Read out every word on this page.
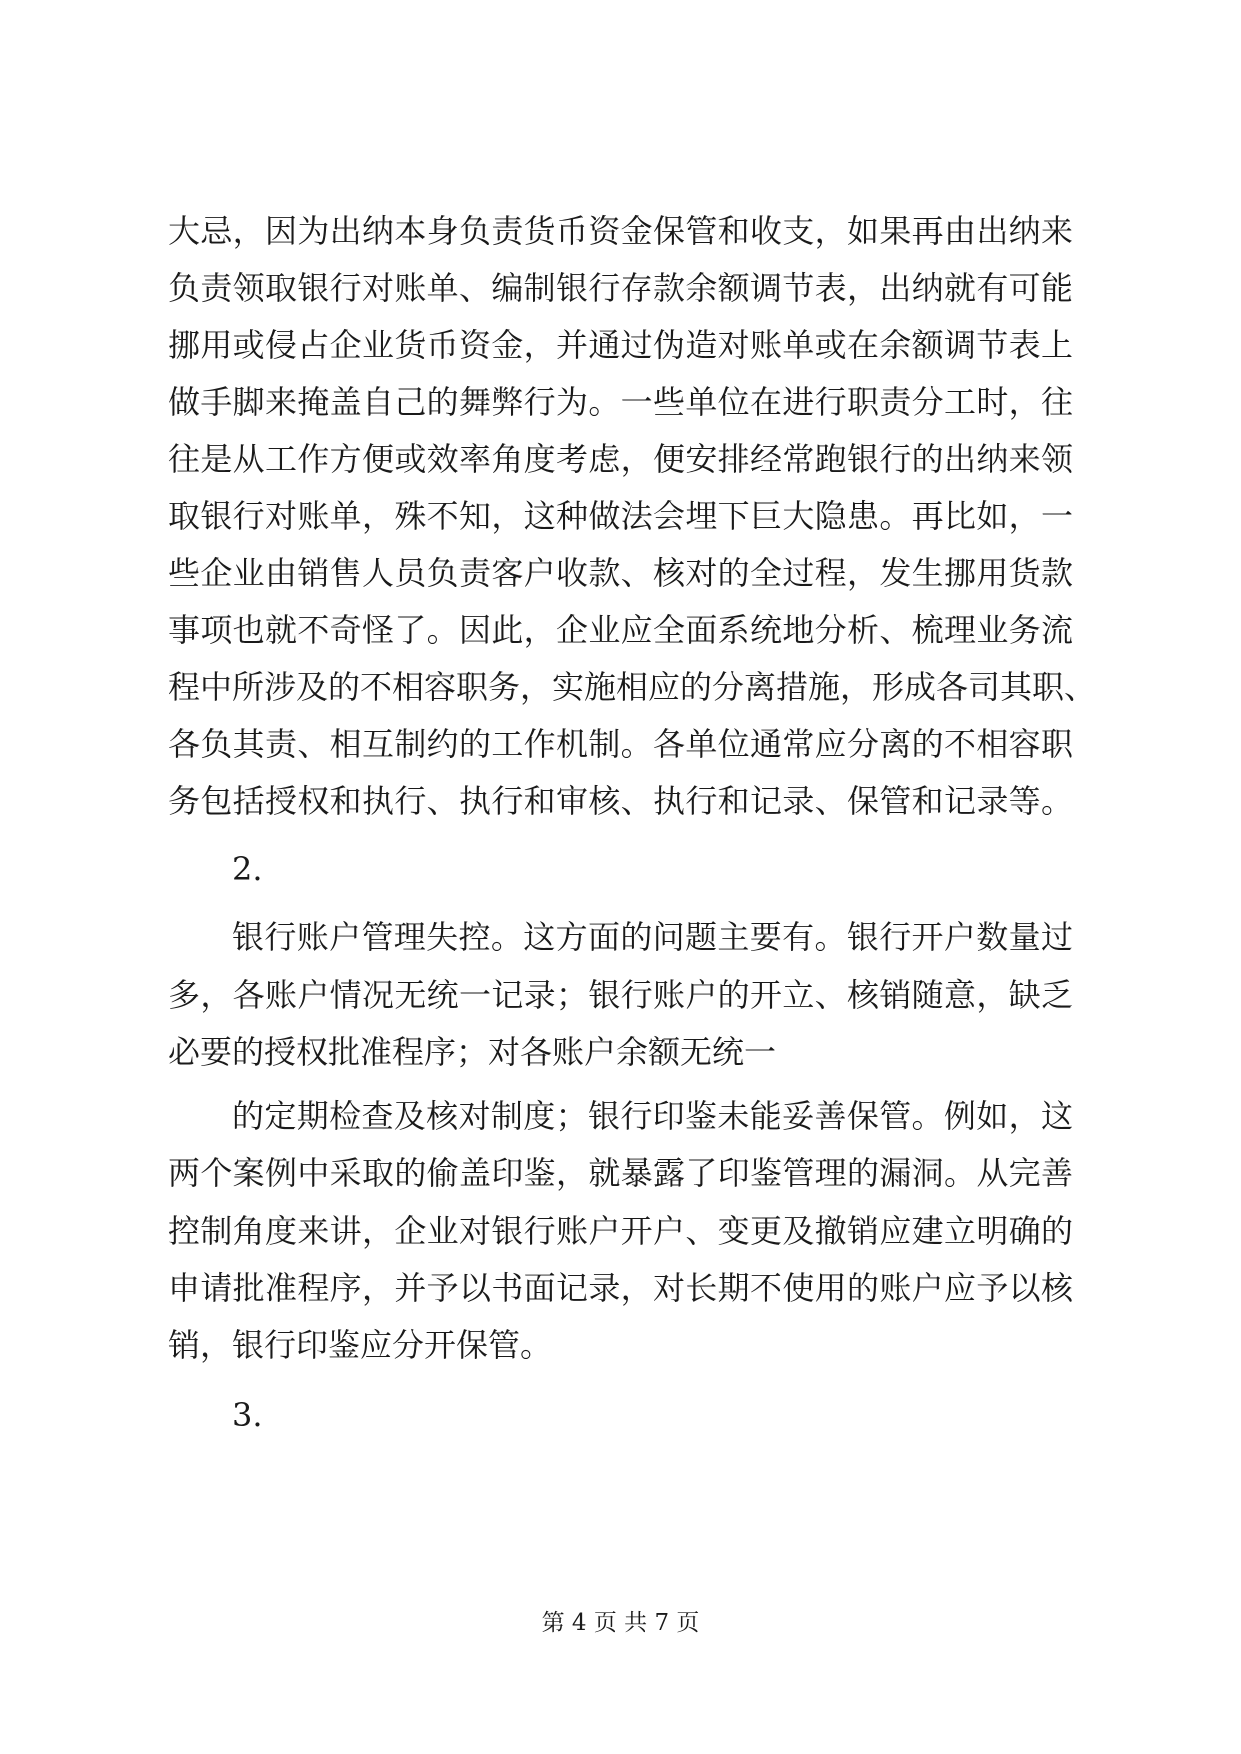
大忌，因为出纳本身负责货币资金保管和收支，如果再由出纳来
负责领取银行对账单、编制银行存款余额调节表，出纳就有可能
挪用或侵占企业货币资金，并通过伪造对账单或在余额调节表上
做手脚来掩盖自己的舞弊行为。一些单位在进行职责分工时，往
往是从工作方便或效率角度考虑，便安排经常跑银行的出纳来领
取银行对账单，殊不知，这种做法会埋下巨大隐患。再比如，一
些企业由销售人员负责客户收款、核对的全过程，发生挪用货款
事项也就不奇怪了。因此，企业应全面系统地分析、梳理业务流
程中所涉及的不相容职务，实施相应的分离措施，形成各司其职、
各负其责、相互制约的工作机制。各单位通常应分离的不相容职
务包括授权和执行、执行和审核、执行和记录、保管和记录等。
2.
银行账户管理失控。这方面的问题主要有。银行开户数量过
多，各账户情况无统一记录；银行账户的开立、核销随意，缺乏
必要的授权批准程序；对各账户余额无统一
的定期检查及核对制度；银行印鉴未能妥善保管。例如，这
两个案例中采取的偷盖印鉴，就暴露了印鉴管理的漏洞。从完善
控制角度来讲，企业对银行账户开户、变更及撤销应建立明确的
申请批准程序，并予以书面记录，对长期不使用的账户应予以核
销，银行印鉴应分开保管。
3.
第 4 页 共 7 页
